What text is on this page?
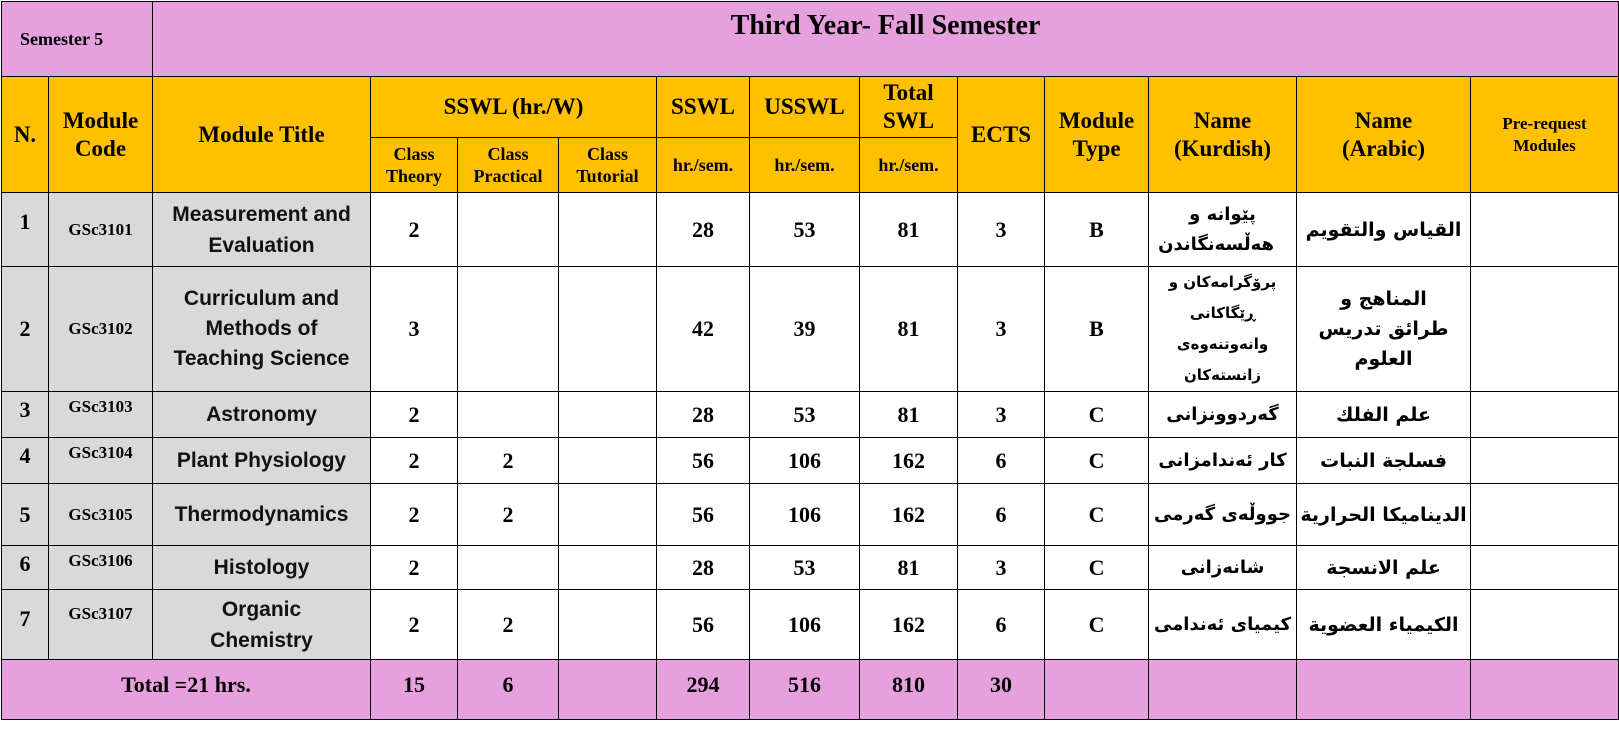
Semester 5		Third Year- Fall Semester											
N.	Module Code	Module Title	SSWL (hr./W)			SSWL	USSWL	Total SWL	ECTS	Module Type	Name (Kurdish)	Name (Arabic)	Pre-request Modules
			Class Theory	Class Practical	Class Tutorial	hr./sem.	hr./sem.	hr./sem.					
1	GSc3101	Measurement and Evaluation	2			28	53	81	3	B	پێوانە و هەڵسەنگاندن	القياس والتقويم	
2	GSc3102	Curriculum and Methods of Teaching Science	3			42	39	81	3	B	پرۆگرامەکان و ڕێگاکانی وانەوتنەوەی زانستەکان	المناهج و طرائق تدريس العلوم	
3	GSc3103	Astronomy	2			28	53	81	3	C	گەردوونزانی	علم الفلك	
4	GSc3104	Plant Physiology	2	2		56	106	162	6	C	کار ئەندامزانی	فسلجة النبات	
5	GSc3105	Thermodynamics	2	2		56	106	162	6	C	جووڵەی گەرمی	الديناميكا الحرارية	
6	GSc3106	Histology	2			28	53	81	3	C	شانەزانی	علم الانسجة	
7	GSc3107	Organic Chemistry	2	2		56	106	162	6	C	کیمیای ئەندامی	الكيمياء العضوية	
Total =21 hrs.			15	6		294	516	810	30				
